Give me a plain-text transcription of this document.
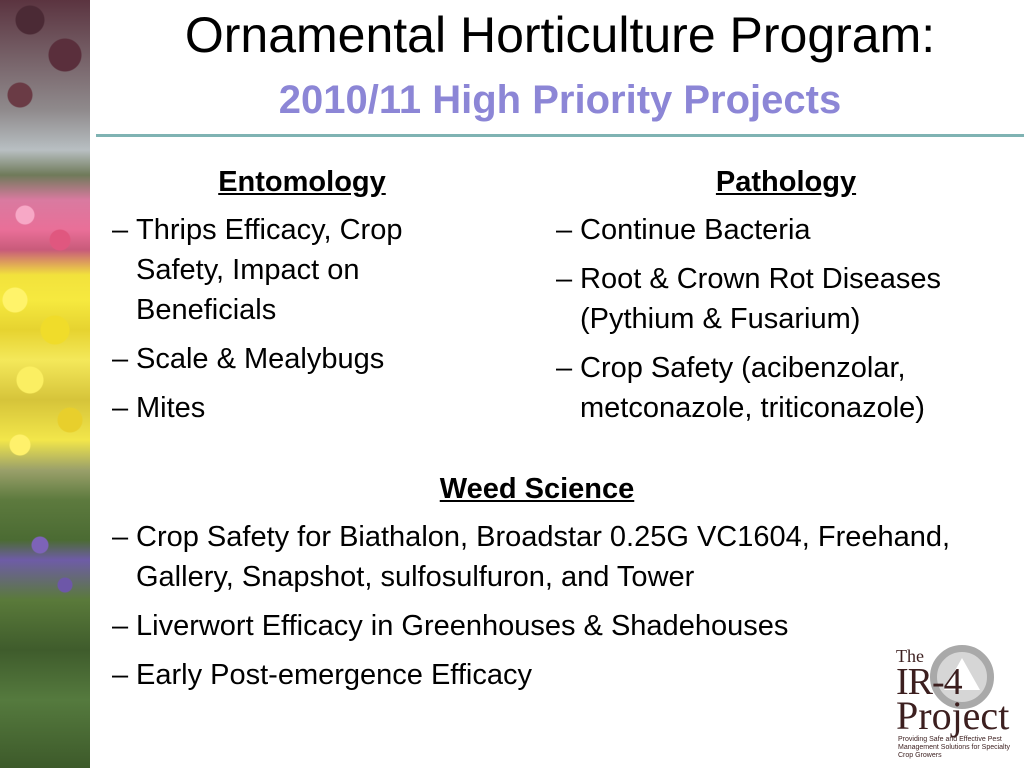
Ornamental Horticulture Program:
2010/11 High Priority Projects
Entomology
– Thrips Efficacy, Crop Safety, Impact on Beneficials
– Scale & Mealybugs
– Mites
Pathology
– Continue Bacteria
– Root & Crown Rot Diseases (Pythium & Fusarium)
– Crop Safety (acibenzolar, metconazole, triticonazole)
Weed Science
– Crop Safety for Biathalon, Broadstar 0.25G VC1604, Freehand, Gallery, Snapshot, sulfosulfuron, and Tower
– Liverwort Efficacy in Greenhouses & Shadehouses
– Early Post-emergence Efficacy
The
IR-4
Project
Providing Safe and Effective Pest Management Solutions for Specialty Crop Growers
